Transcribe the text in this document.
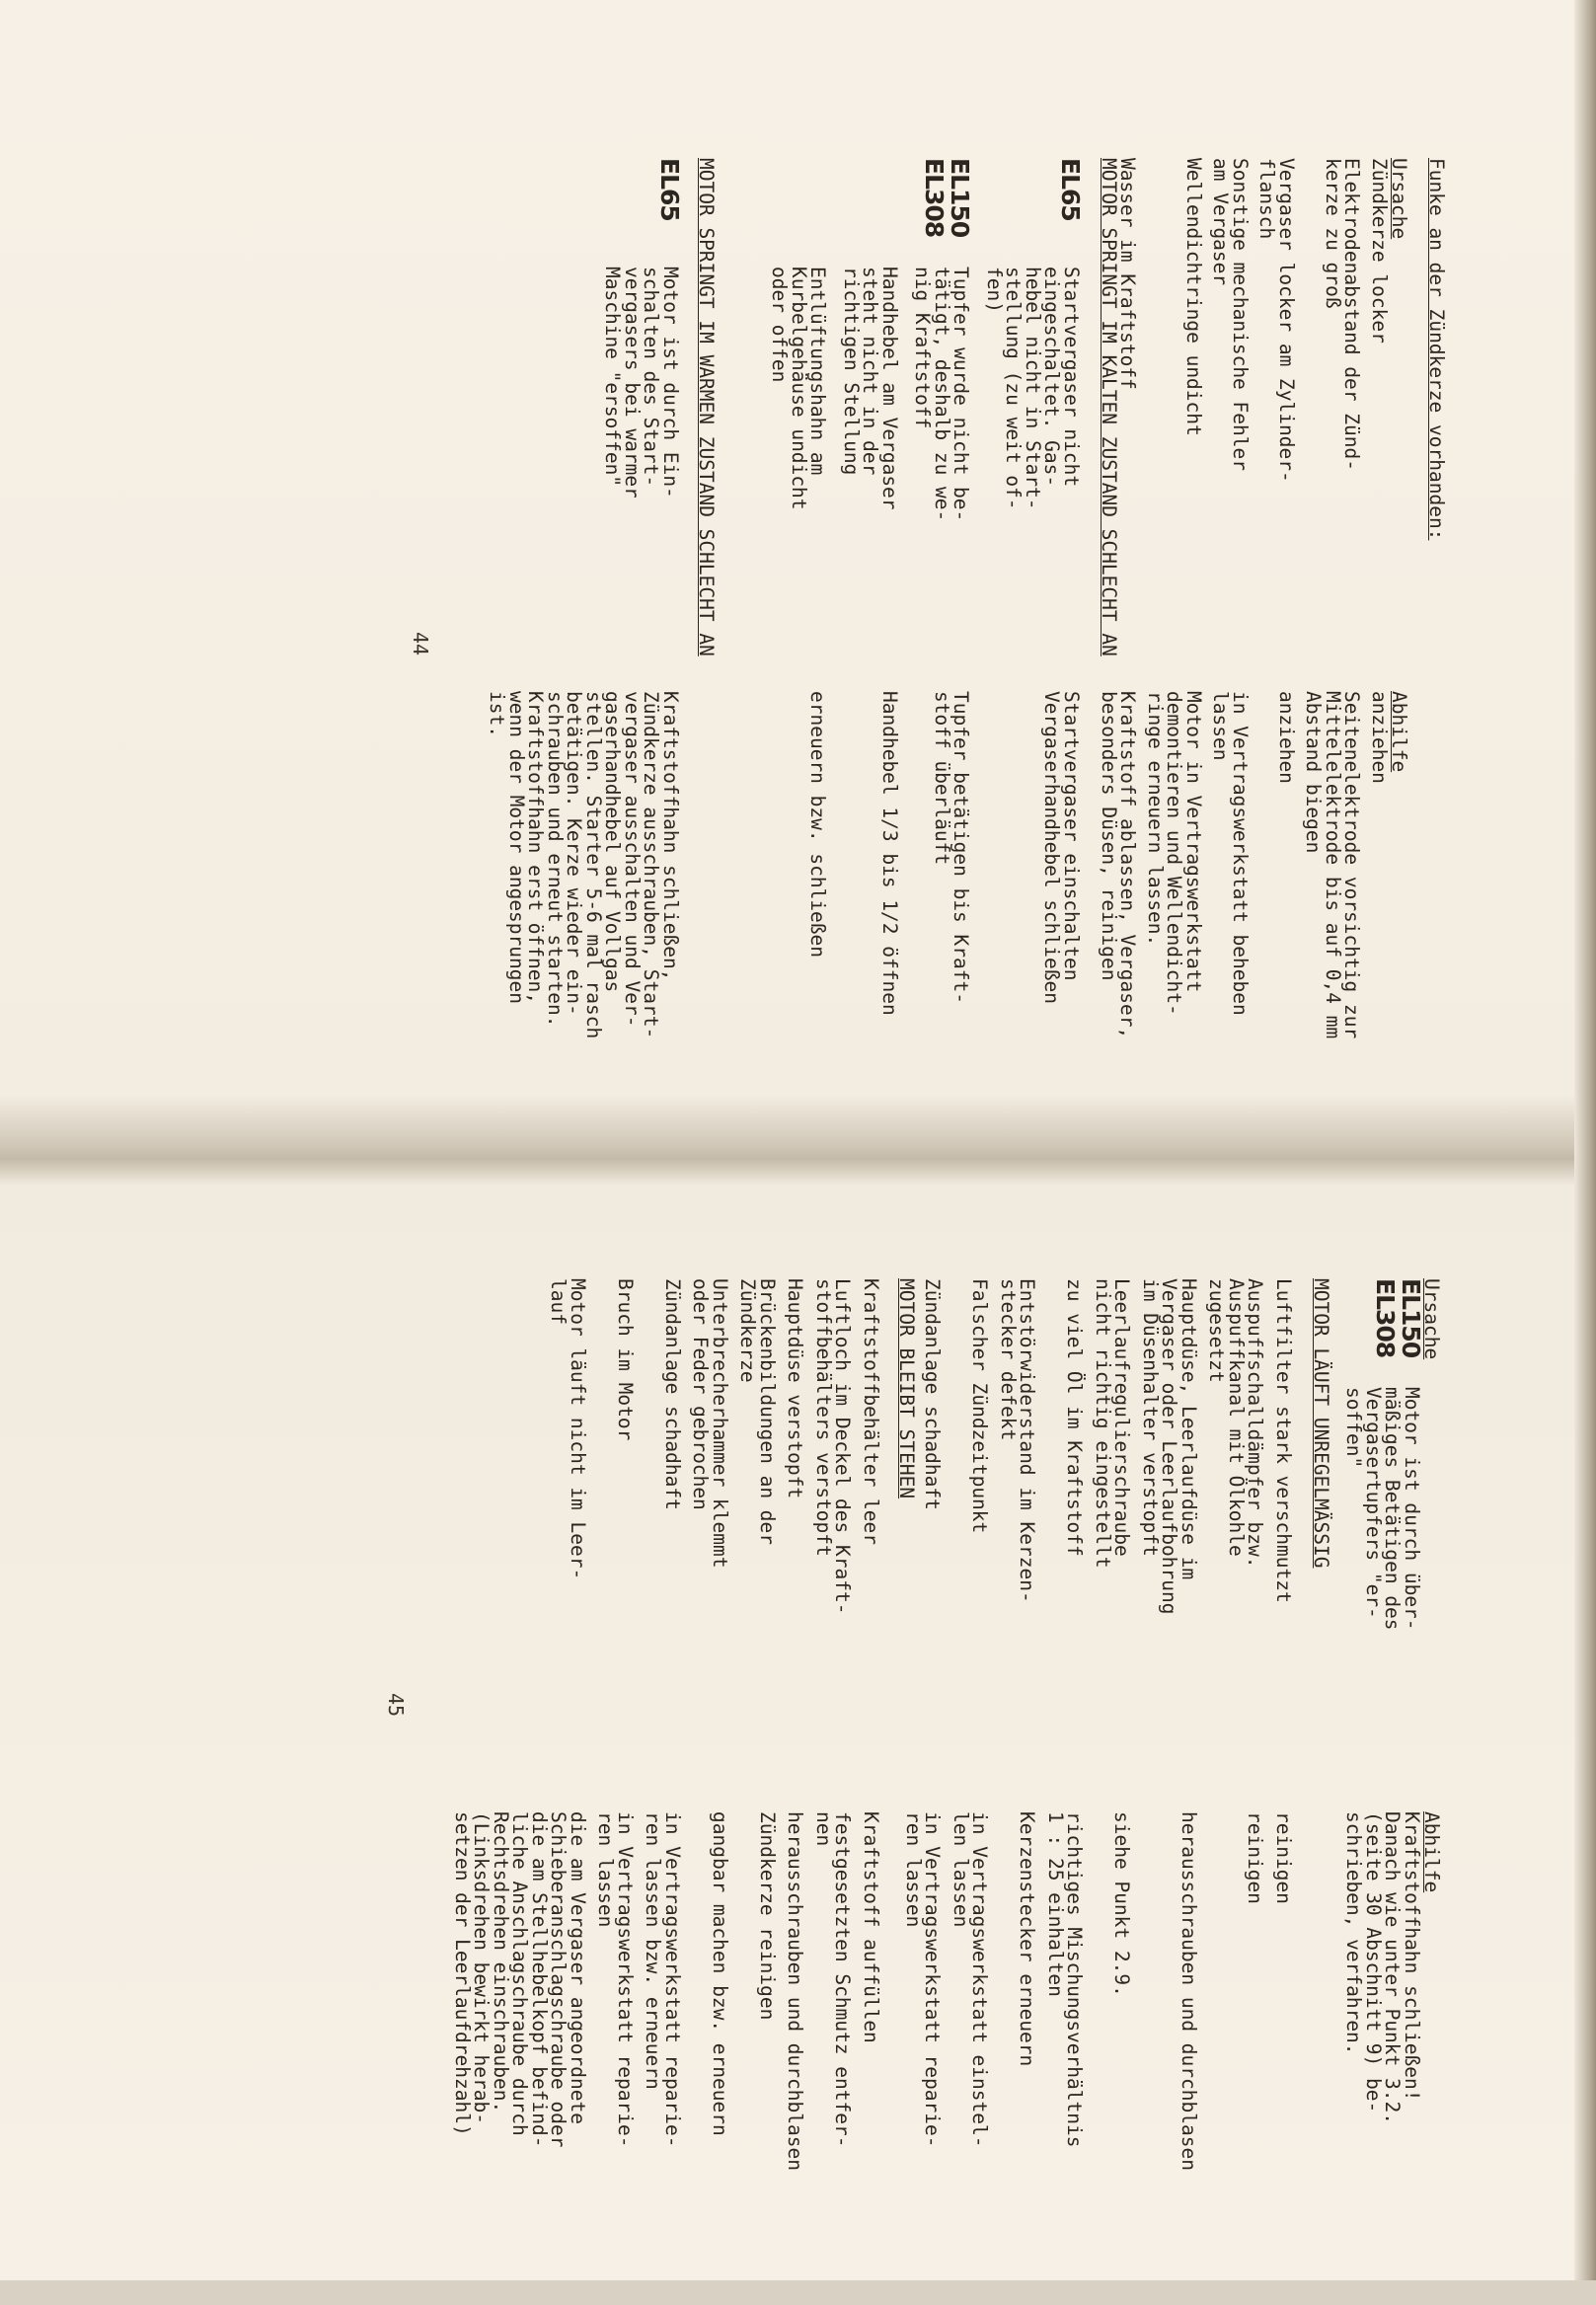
Funke an der Zündkerze vorhanden:
Ursache
Abhilfe
MOTOR SPRINGT IM KALTEN ZUSTAND SCHLECHT AN
MOTOR SPRINGT IM WARMEN ZUSTAND SCHLECHT AN
44
Zündkerze locker
anziehen
Elektrodenabstand der Zünd-
kerze zu groß
Seitenelektrode vorsichtig zur
Mittelelektrode bis auf 0,4 mm
Abstand biegen
Vergaser locker am Zylinder-
flansch
anziehen
Sonstige mechanische Fehler
am Vergaser
in Vertragswerkstatt beheben
lassen
Wellendichtringe undicht
Motor in Vertragswerkstatt
demontieren und Wellendicht-
ringe erneuern lassen.
Wasser im Kraftstoff
Kraftstoff ablassen, Vergaser,
besonders Düsen, reinigen
EL65
Startvergaser nicht
eingeschaltet. Gas-
hebel nicht in Start-
stellung (zu weit of-
fen)
Startvergaser einschalten
Vergaserhandhebel schließen
EL150
EL308
Tupfer wurde nicht be-
tätigt, deshalb zu we-
nig Kraftstoff
Tupfer betätigen bis Kraft-
stoff überläuft
Handhebel am Vergaser
steht nicht in der
richtigen Stellung
Handhebel 1/3 bis 1/2 öffnen
Entlüftungshahn am
Kurbelgehäuse undicht
oder offen
erneuern bzw. schließen
EL65
Motor ist durch Ein-
schalten des Start-
vergasers bei warmer
Maschine "ersoffen"
Kraftstoffhahn schließen,
Zündkerze ausschrauben, Start-
vergaser ausschalten und Ver-
gaserhandhebel auf Vollgas
stellen. Starter 5-6 mal rasch
betätigen. Kerze wieder ein-
schrauben und erneut starten.
Kraftstoffhahn erst öffnen,
wenn der Motor angesprungen
ist.
Ursache
Abhilfe
MOTOR LÄUFT UNREGELMÄSSIG
MOTOR BLEIBT STEHEN
45
EL150
EL308
Motor ist durch über-
mäßiges Betätigen des
Vergasertupfers "er-
soffen"
Kraftstoffhahn schließen!
Danach wie unter Punkt 3.2.
(seite 30 Abschnitt 9) be-
schrieben, verfahren.
Luftfilter stark verschmutzt
reinigen
Auspuffschalldämpfer bzw.
Auspuffkanal mit Ölkohle
zugesetzt
reinigen
Hauptdüse, Leerlaufdüse im
Vergaser oder Leerlaufbohrung
im Düsenhalter verstopft
herausschrauben und durchblasen
Leerlaufregulierschraube
nicht richtig eingestellt
siehe Punkt 2.9.
zu viel Öl im Kraftstoff
richtiges Mischungsverhältnis
1 : 25 einhalten
Entstörwiderstand im Kerzen-
stecker defekt
Kerzenstecker erneuern
Falscher Zündzeitpunkt
in Vertragswerkstatt einstel-
len lassen
Zündanlage schadhaft
in Vertragswerkstatt reparie-
ren lassen
Kraftstoffbehälter leer
Kraftstoff auffüllen
Luftloch im Deckel des Kraft-
stoffbehälters verstopft
festgesetzten Schmutz entfer-
nen
Hauptdüse verstopft
herausschrauben und durchblasen
Brückenbildungen an der
Zündkerze
Zündkerze reinigen
Unterbrecherhammer klemmt
oder Feder gebrochen
gangbar machen bzw. erneuern
Zündanlage schadhaft
in Vertragswerkstatt reparie-
ren lassen bzw. erneuern
Bruch im Motor
in Vertragswerkstatt reparie-
ren lassen
Motor läuft nicht im Leer-
lauf
die am Vergaser angeordnete
Schieberanschlagschraube oder
die am Stellhebelkopf befind-
liche Anschlagschraube durch
Rechtsdrehen einschrauben.
(Linksdrehen bewirkt herab-
setzen der Leerlaufdrehzahl)
